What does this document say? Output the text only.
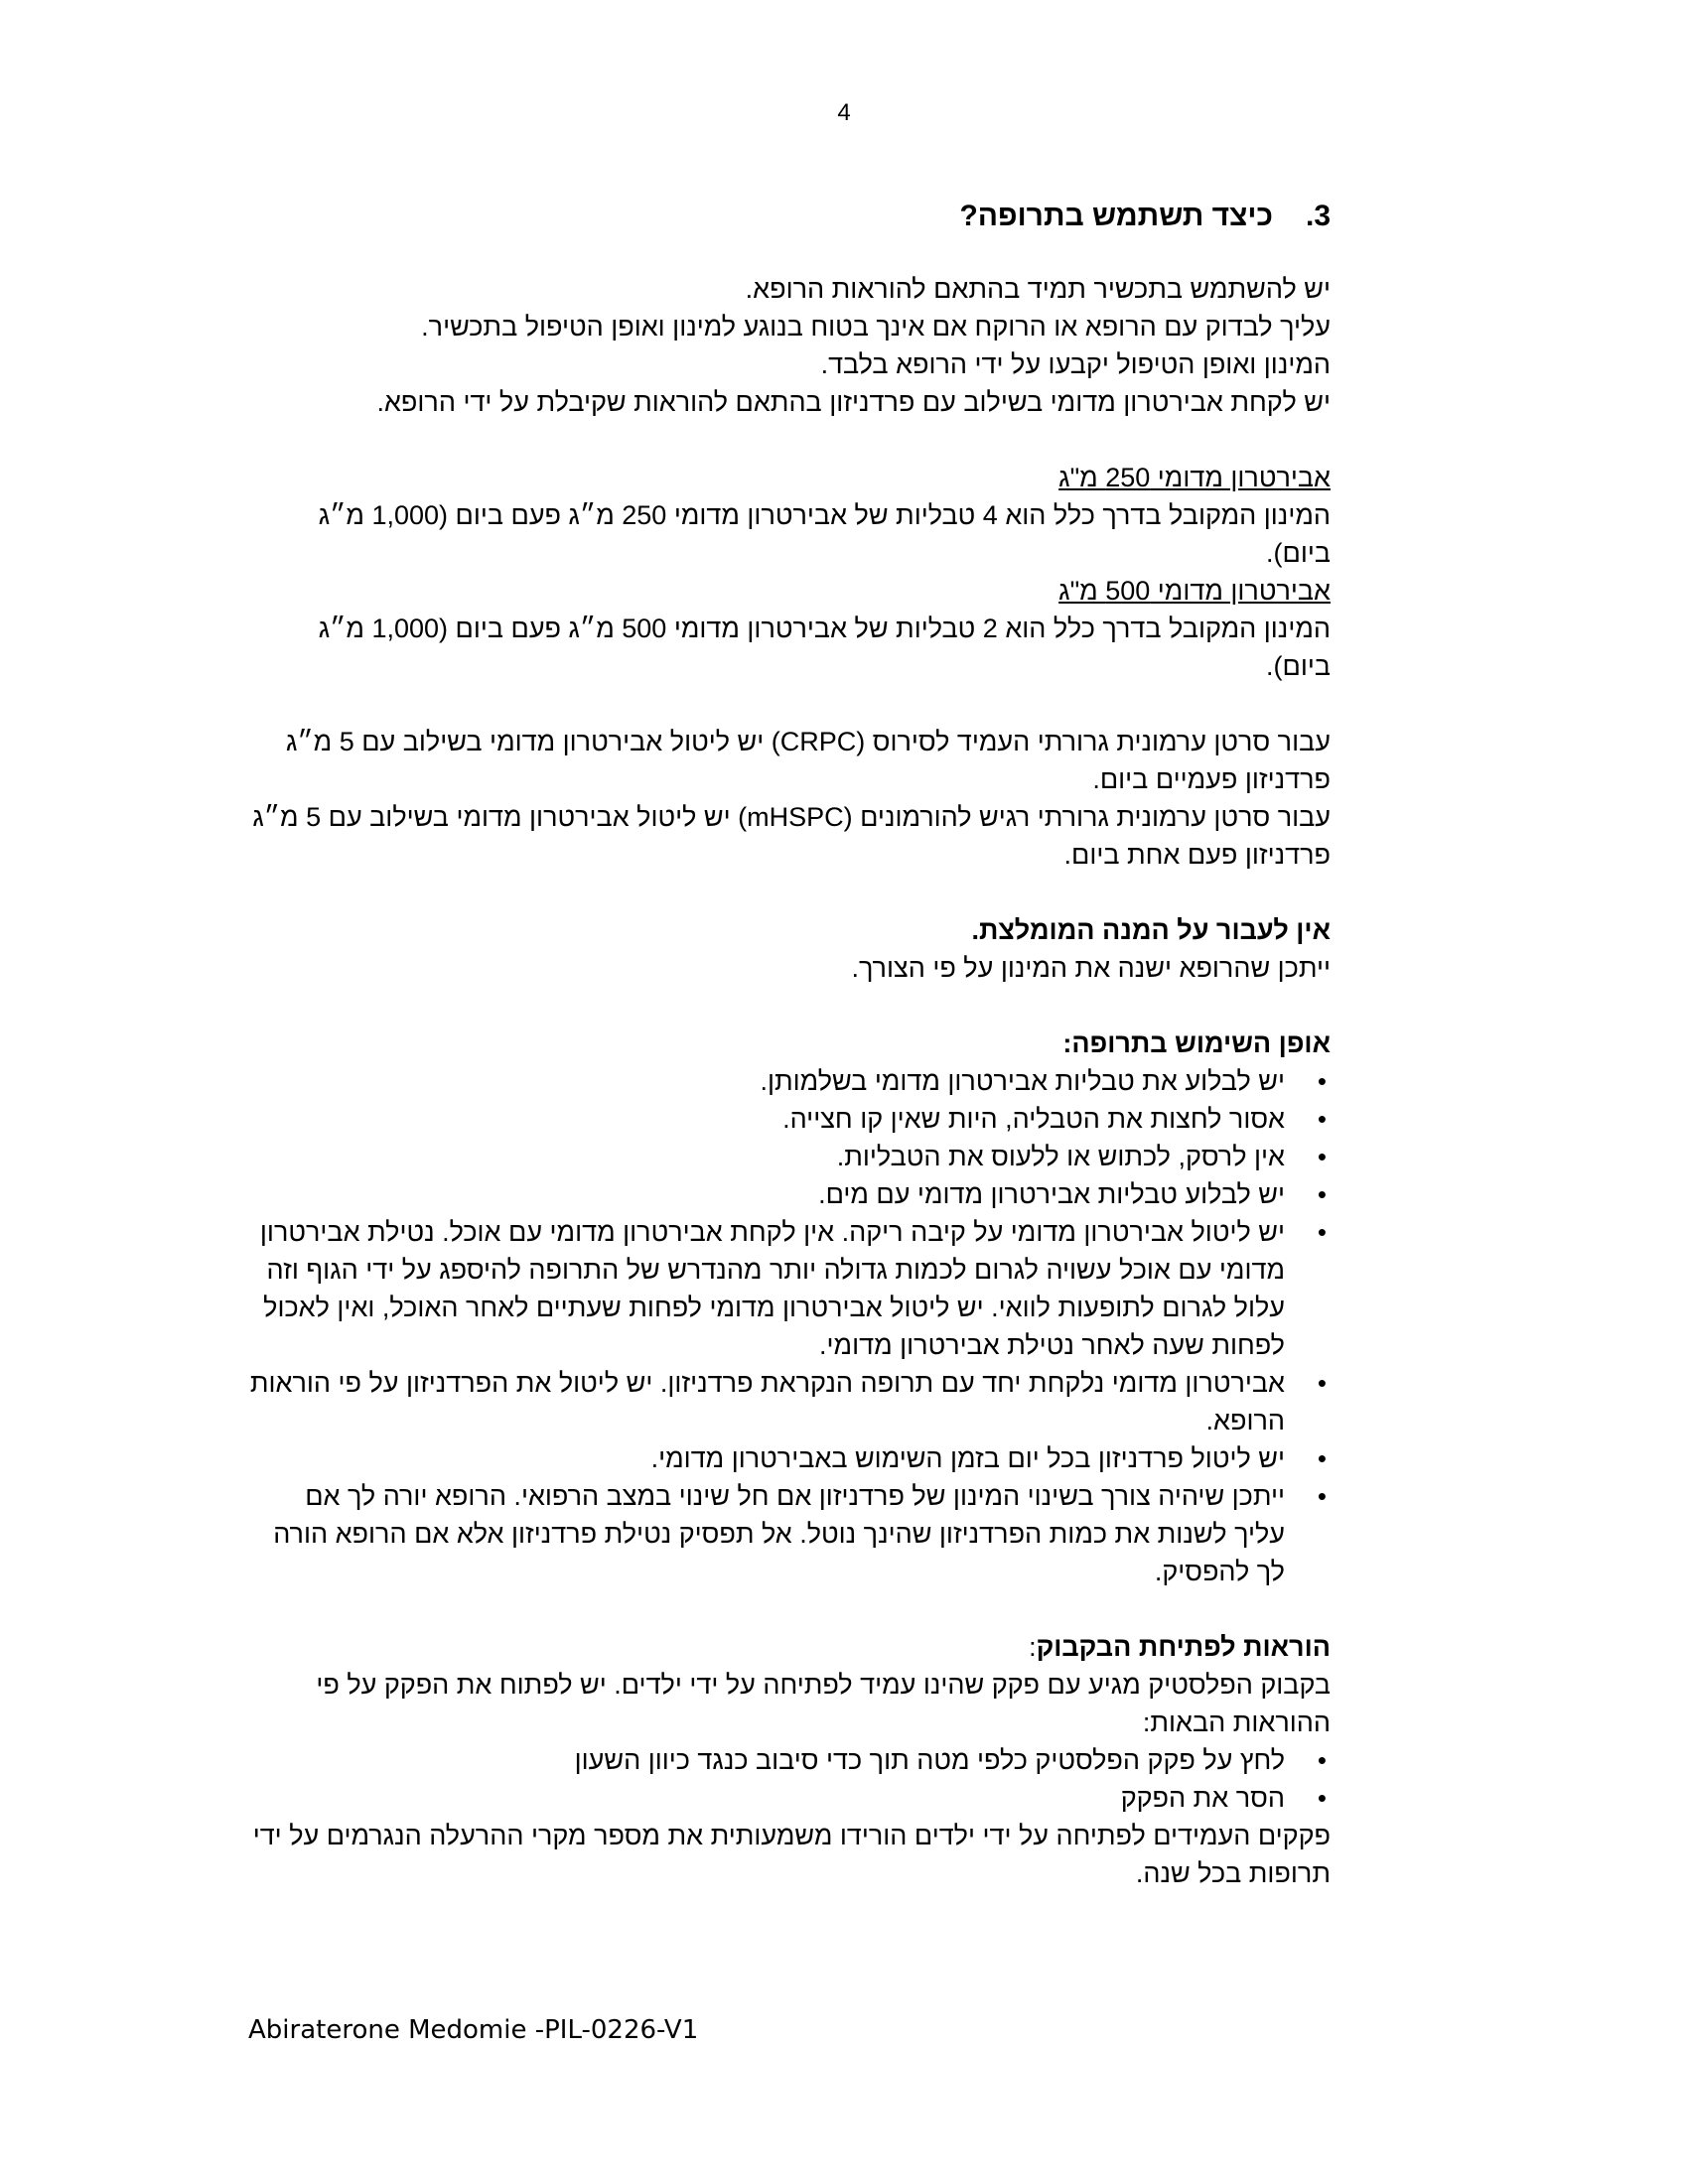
4
3.כיצד תשתמש בתרופה?

יש להשתמש בתכשיר תמיד בהתאם להוראות הרופא.

עליך לבדוק עם הרופא או הרוקח אם אינך בטוח בנוגע למינון ואופן הטיפול בתכשיר.

המינון ואופן הטיפול יקבעו על ידי הרופא בלבד.

יש לקחת אבירטרון מדומי בשילוב עם פרדניזון בהתאם להוראות שקיבלת על ידי הרופא.

אבירטרון מדומי 250 מ"ג

המינון המקובל בדרך כלל הוא 4 טבליות של אבירטרון מדומי 250 מ״ג פעם ביום (1,000 מ״ג ביום).

אבירטרון מדומי 500 מ"ג

המינון המקובל בדרך כלל הוא 2 טבליות של אבירטרון מדומי 500 מ״ג פעם ביום (1,000 מ״ג ביום).

עבור סרטן ערמונית גרורתי העמיד לסירוס (CRPC) יש ליטול אבירטרון מדומי בשילוב עם 5 מ״ג פרדניזון פעמיים ביום.

עבור סרטן ערמונית גרורתי רגיש להורמונים (mHSPC) יש ליטול אבירטרון מדומי בשילוב עם 5 מ״ג פרדניזון פעם אחת ביום.

אין לעבור על המנה המומלצת.

ייתכן שהרופא ישנה את המינון על פי הצורך.

אופן השימוש בתרופה:

• יש לבלוע את טבליות אבירטרון מדומי בשלמותן.
• אסור לחצות את הטבליה, היות שאין קו חצייה.
• אין לרסק, לכתוש או ללעוס את הטבליות.
• יש לבלוע טבליות אבירטרון מדומי עם מים.
• יש ליטול אבירטרון מדומי על קיבה ריקה. אין לקחת אבירטרון מדומי עם אוכל. נטילת אבירטרון מדומי עם אוכל עשויה לגרום לכמות גדולה יותר מהנדרש של התרופה להיספג על ידי הגוף וזה עלול לגרום לתופעות לוואי. יש ליטול אבירטרון מדומי לפחות שעתיים לאחר האוכל, ואין לאכול לפחות שעה לאחר נטילת אבירטרון מדומי.
• אבירטרון מדומי נלקחת יחד עם תרופה הנקראת פרדניזון. יש ליטול את הפרדניזון על פי הוראות הרופא.
• יש ליטול פרדניזון בכל יום בזמן השימוש באבירטרון מדומי.
• ייתכן שיהיה צורך בשינוי המינון של פרדניזון אם חל שינוי במצב הרפואי. הרופא יורה לך אם עליך לשנות את כמות הפרדניזון שהינך נוטל. אל תפסיק נטילת פרדניזון אלא אם הרופא הורה לך להפסיק.

הוראות לפתיחת הבקבוק:

בקבוק הפלסטיק מגיע עם פקק שהינו עמיד לפתיחה על ידי ילדים. יש לפתוח את הפקק על פי ההוראות הבאות:

• לחץ על פקק הפלסטיק כלפי מטה תוך כדי סיבוב כנגד כיוון השעון
• הסר את הפקק

פקקים העמידים לפתיחה על ידי ילדים הורידו משמעותית את מספר מקרי ההרעלה הנגרמים על ידי תרופות בכל שנה.

Abiraterone Medomie -PIL-0226-V1
